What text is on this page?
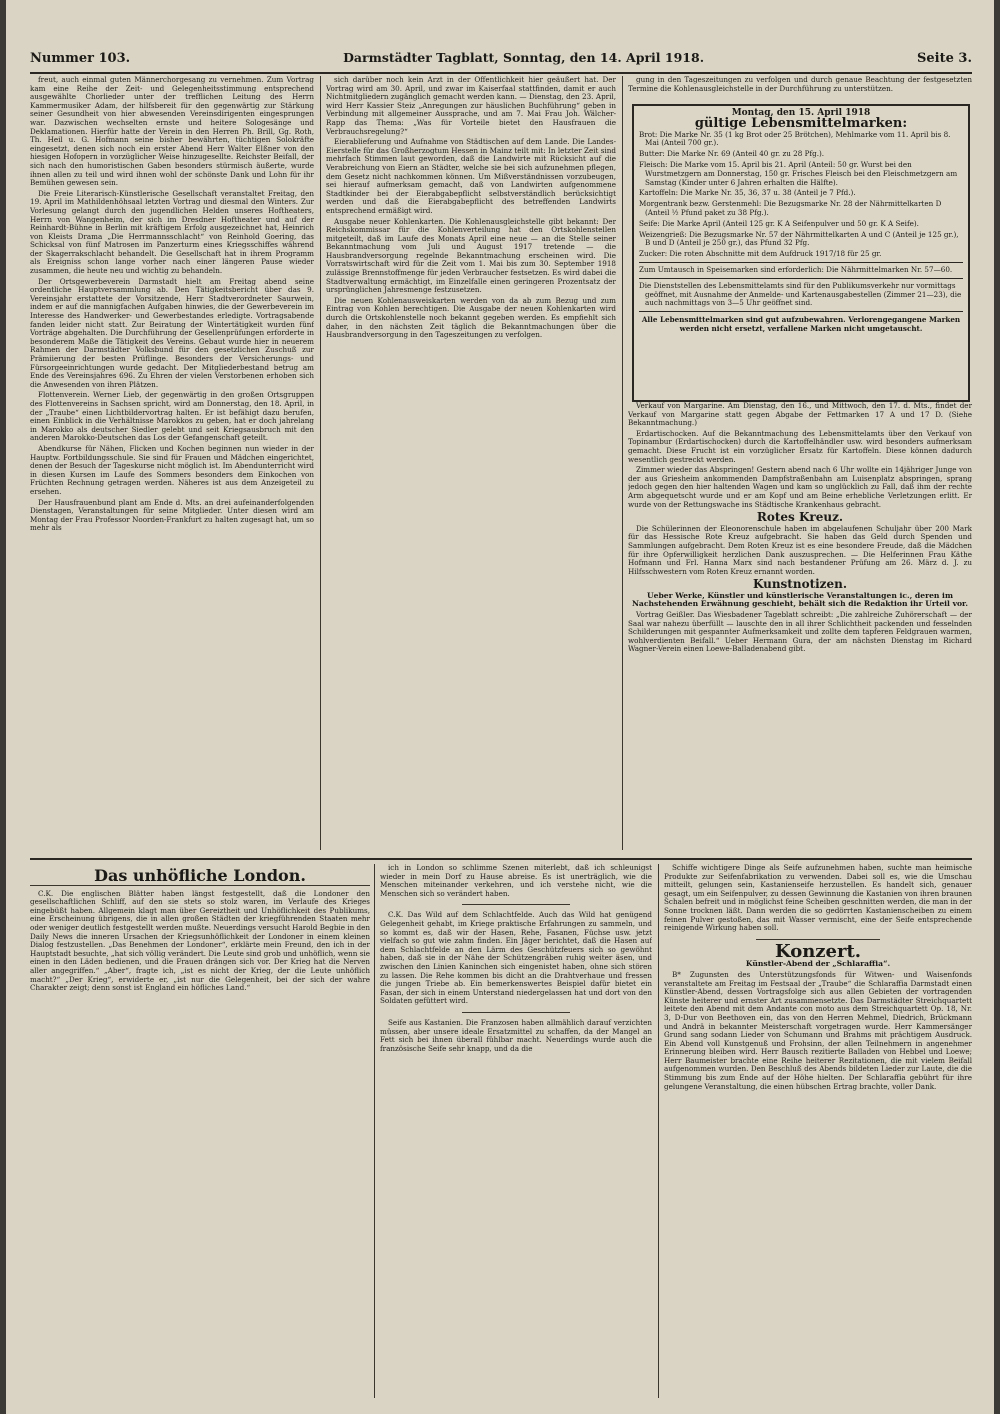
Nummer 103.	Darmstädter Tagblatt, Sonntag, den 14. April 1918.	Seite 3.

freut, auch einmal guten Männerchorgesang zu vernehmen. Zum Vortrag kam eine Reihe der Zeit- und Gelegenheitsstimmung entsprechend ausgewählte Chorlieder unter der trefflichen Leitung des Herrn Kammermusiker Adam, der hilfsbereit für den gegenwärtig zur Stärkung seiner Gesundheit von hier abwesenden Vereinsdirigenten eingesprungen war. Dazwischen wechselten ernste und heitere Sologesänge und Deklamationen. Hierfür hatte der Verein in den Herren Ph. Brill, Gg. Roth, Th. Heil u. G. Hofmann seine bisher bewährten, tüchtigen Solokräfte eingesetzt, denen sich noch ein erster Abend Herr Walter Elßner von den hiesigen Hofopern in vorzüglicher Weise hinzugesellte. Reichster Beifall, der sich nach den humoristischen Gaben besonders stürmisch äußerte, wurde ihnen allen zu teil und wird ihnen wohl der schönste Dank und Lohn für ihr Bemühen gewesen sein.

Die Freie Literarisch-Künstlerische Gesellschaft veranstaltet Freitag, den 19. April im Mathildenhöhsaal letzten Vortrag und diesmal den Winters. Zur Vorlesung gelangt durch den jugendlichen Helden unseres Hoftheaters, Herrn von Wangenheim, der sich im Dresdner Hoftheater und auf der Reinhardt-Bühne in Berlin mit kräftigem Erfolg ausgezeichnet hat, Heinrich von Kleists Drama „Die Herrmannsschlacht“ von Reinhold Goering, das Schicksal von fünf Matrosen im Panzerturm eines Kriegsschiffes während der Skagerrakschlacht behandelt. Die Gesellschaft hat in ihrem Programm als Ereigniss schon lange vorher nach einer längeren Pause wieder zusammen, die heute neu und wichtig zu behandeln.

Der Ortsgewerbeverein Darmstadt hielt am Freitag abend seine ordentliche Hauptversammlung ab. Den Tätigkeitsbericht über das 9. Vereinsjahr erstattete der Vorsitzende, Herr Stadtverordneter Saurwein, indem er auf die mannigfachen Aufgaben hinwies, die der Gewerbeverein im Interesse des Handwerker- und Gewerbestandes erledigte. Vortragsabende fanden leider nicht statt. Zur Beiratung der Wintertätigkeit wurden fünf Vorträge abgehalten. Die Durchführung der Gesellenprüfungen erforderte in besonderem Maße die Tätigkeit des Vereins. Gebaut wurde hier in neuerem Rahmen der Darmstädter Volksbund für den gesetzlichen Zuschuß zur Prämiierung der besten Prüflinge. Besonders der Versicherungs- und Fürsorgeeinrichtungen wurde gedacht. Der Mitgliederbestand betrug am Ende des Vereinsjahres 696. Zu Ehren der vielen Verstorbenen erhoben sich die Anwesenden von ihren Plätzen.

Flottenverein. Werner Lieb, der gegenwärtig in den großen Ortsgruppen des Flottenvereins in Sachsen spricht, wird am Donnerstag, den 18. April, in der „Traube“ einen Lichtbildervortrag halten. Er ist befähigt dazu berufen, einen Einblick in die Verhältnisse Marokkos zu geben, hat er doch jahrelang in Marokko als deutscher Siedler gelebt und seit Kriegsausbruch mit den anderen Marokko-Deutschen das Los der Gefangenschaft geteilt.

Abendkurse für Nähen, Flicken und Kochen beginnen nun wieder in der Hauptw. Fortbildungsschule. Sie sind für Frauen und Mädchen eingerichtet, denen der Besuch der Tageskurse nicht möglich ist. Im Abendunterricht wird in diesen Kursen im Laufe des Sommers besonders dem Einkochen von Früchten Rechnung getragen werden. Näheres ist aus dem Anzeigeteil zu ersehen.

Der Hausfrauenbund plant am Ende d. Mts. an drei aufeinanderfolgenden Dienstagen, Veranstaltungen für seine Mitglieder. Unter diesen wird am Montag der Frau Professor Noorden-Frankfurt zu halten zugesagt hat, um so mehr als

sich darüber noch kein Arzt in der Öffentlichkeit hier geäußert hat. Der Vortrag wird am 30. April, und zwar im Kaiserfaal stattfinden, damit er auch Nichtmitgliedern zugänglich gemacht werden kann. — Dienstag, den 23. April, wird Herr Kassier Steiz „Anregungen zur häuslichen Buchführung“ geben in Verbindung mit allgemeiner Aussprache, und am 7. Mai Frau Joh. Wälcher-Rapp das Thema: „Was für Vorteile bietet den Hausfrauen die Verbrauchsregelung?“

Eierablieferung und Aufnahme von Städtischen auf dem Lande. Die Landes-Eierstelle für das Großherzogtum Hessen in Mainz teilt mit: In letzter Zeit sind mehrfach Stimmen laut geworden, daß die Landwirte mit Rücksicht auf die Verabreichung von Eiern an Städter, welche sie bei sich aufzunehmen pflegen, dem Gesetz nicht nachkommen können. Um Mißverständnissen vorzubeugen, sei hierauf aufmerksam gemacht, daß von Landwirten aufgenommene Stadtkinder bei der Eierabgabepflicht selbstverständlich berücksichtigt werden und daß die Eierabgabepflicht des betreffenden Landwirts entsprechend ermäßigt wird.

Ausgabe neuer Kohlenkarten. Die Kohlenausgleichstelle gibt bekannt: Der Reichskommissar für die Kohlenverteilung hat den Ortskohlenstellen mitgeteilt, daß im Laufe des Monats April eine neue — an die Stelle seiner Bekanntmachung vom Juli und August 1917 tretende — die Hausbrandversorgung regelnde Bekanntmachung erscheinen wird. Die Vorratswirtschaft wird für die Zeit vom 1. Mai bis zum 30. September 1918 zulässige Brennstoffmenge für jeden Verbraucher festsetzen. Es wird dabei die Stadtverwaltung ermächtigt, im Einzelfalle einen geringeren Prozentsatz der ursprünglichen Jahresmenge festzusetzen.

Die neuen Kohlenausweiskarten werden von da ab zum Bezug und zum Eintrag von Kohlen berechtigen. Die Ausgabe der neuen Kohlenkarten wird durch die Ortskohlenstelle noch bekannt gegeben werden. Es empfiehlt sich daher, in den nächsten Zeit täglich die Bekanntmachungen über die Hausbrandversorgung in den Tageszeitungen zu verfolgen.

gung in den Tageszeitungen zu verfolgen und durch genaue Beachtung der festgesetzten Termine die Kohlenausgleichstelle in der Durchführung zu unterstützen.

Montag, den 15. April 1918
gültige Lebensmittelmarken:
Brot: Die Marke Nr. 35 (1 kg Brot oder 25 Brötchen), Mehlmarke vom 11. April bis 8. Mai (Anteil 700 gr.).
Butter: Die Marke Nr. 69 (Anteil 40 gr. zu 28 Pfg.).
Fleisch: Die Marke vom 15. April bis 21. April (Anteil: 50 gr. Wurst bei den Wurstmetzgern am Donnerstag, 150 gr. Frisches Fleisch bei den Fleischmetzgern am Samstag (Kinder unter 6 Jahren erhalten die Hälfte).
Kartoffeln: Die Marke Nr. 35, 36, 37 u. 38 (Anteil je 7 Pfd.).
Morgentrank bezw. Gerstenmehl: Die Bezugsmarke Nr. 28 der Nährmittelkarten D (Anteil ½ Pfund paket zu 38 Pfg.).
Seife: Die Marke April (Anteil 125 gr. K A Seifenpulver und 50 gr. K A Seife).
Weizengrieß: Die Bezugsmarke Nr. 57 der Nährmittelkarten A und C (Anteil je 125 gr.), B und D (Anteil je 250 gr.), das Pfund 32 Pfg.
Zucker: Die roten Abschnitte mit dem Aufdruck 1917/18 für 25 gr.
Zum Umtausch in Speisemarken sind erforderlich: Die Nährmittelmarken Nr. 57—60.
Die Dienststellen des Lebensmittelamts sind für den Publikumsverkehr nur vormittags geöffnet, mit Ausnahme der Anmelde- und Kartenausgabestellen (Zimmer 21—23), die auch nachmittags von 3—5 Uhr geöffnet sind.
Alle Lebensmittelmarken sind gut aufzubewahren. Verlorengegangene Marken werden nicht ersetzt, verfallene Marken nicht umgetauscht.

Verkauf von Margarine. Am Dienstag, den 16., und Mittwoch, den 17. d. Mts., findet der Verkauf von Margarine statt gegen Abgabe der Fettmarken 17 A und 17 D. (Siehe Bekanntmachung.)

Erdartischocken. Auf die Bekanntmachung des Lebensmittelamts über den Verkauf von Topinambur (Erdartischocken) durch die Kartoffelhändler usw. wird besonders aufmerksam gemacht. Diese Frucht ist ein vorzüglicher Ersatz für Kartoffeln. Diese können dadurch wesentlich gestreckt werden.

Zimmer wieder das Abspringen! Gestern abend nach 6 Uhr wollte ein 14jähriger Junge von der aus Griesheim ankommenden Dampfstraßenbahn am Luisenplatz abspringen, sprang jedoch gegen den hier haltenden Wagen und kam so unglücklich zu Fall, daß ihm der rechte Arm abgequetscht wurde und er am Kopf und am Beine erhebliche Verletzungen erlitt. Er wurde von der Rettungswache ins Städtische Krankenhaus gebracht.

Rotes Kreuz.

Die Schülerinnen der Eleonorenschule haben im abgelaufenen Schuljahr über 200 Mark für das Hessische Rote Kreuz aufgebracht. Sie haben das Geld durch Spenden und Sammlungen aufgebracht. Dem Roten Kreuz ist es eine besondere Freude, daß die Mädchen für ihre Opferwilligkeit herzlichen Dank auszusprechen. — Die Helferinnen Frau Käthe Hofmann und Frl. Hanna Marx sind nach bestandener Prüfung am 26. März d. J. zu Hilfsschwestern vom Roten Kreuz ernannt worden.

Kunstnotizen.
Ueber Werke, Künstler und künstlerische Veranstaltungen ic., deren im Nachstehenden Erwähnung geschieht, behält sich die Redaktion ihr Urteil vor.

Vortrag Geißler. Das Wiesbadener Tageblatt schreibt: „Die zahlreiche Zuhörerschaft — der Saal war nahezu überfüllt — lauschte den in all ihrer Schlichtheit packenden und fesselnden Schilderungen mit gespannter Aufmerksamkeit und zollte dem tapferen Feldgrauen warmen, wohlverdienten Beifall.“ Ueber Hermann Gura, der am nächsten Dienstag im Richard Wagner-Verein einen Loewe-Balladenabend gibt.

Das unhöfliche London.

C.K. Die englischen Blätter haben längst festgestellt, daß die Londoner den gesellschaftlichen Schliff, auf den sie stets so stolz waren, im Verlaufe des Krieges eingebüßt haben. Allgemein klagt man über Gereiztheit und Unhöflichkeit des Publikums, eine Erscheinung übrigens, die in allen großen Städten der kriegführenden Staaten mehr oder weniger deutlich festgestellt werden mußte. Neuerdings versucht Harold Begbie in den Daily News die inneren Ursachen der Kriegsunhöflichkeit der Londoner in einem kleinen Dialog festzustellen. „Das Benehmen der Londoner“, erklärte mein Freund, den ich in der Hauptstadt besuchte, „hat sich völlig verändert. Die Leute sind grob und unhöflich, wenn sie einen in den Läden bedienen, und die Frauen drängen sich vor. Der Krieg hat die Nerven aller angegriffen.“ „Aber“, fragte ich, „ist es nicht der Krieg, der die Leute unhöflich macht?“ „Der Krieg“, erwiderte er, „ist nur die Gelegenheit, bei der sich der wahre Charakter zeigt; denn sonst ist England ein höfliches Land.“

ich in London so schlimme Szenen miterlebt, daß ich schleunigst wieder in mein Dorf zu Hause abreise. Es ist unerträglich, wie die Menschen miteinander verkehren, und ich verstehe nicht, wie die Menschen sich so verändert haben.

C.K. Das Wild auf dem Schlachtfelde. Auch das Wild hat genügend Gelegenheit gehabt, im Kriege praktische Erfahrungen zu sammeln, und so kommt es, daß wir der Hasen, Rehe, Fasanen, Füchse usw. jetzt vielfach so gut wie zahm finden. Ein Jäger berichtet, daß die Hasen auf dem Schlachtfelde an den Lärm des Geschützfeuers sich so gewöhnt haben, daß sie in der Nähe der Schützengräben ruhig weiter äsen, und zwischen den Linien Kaninchen sich eingenistet haben, ohne sich stören zu lassen. Die Rehe kommen bis dicht an die Drahtverhaue und fressen die jungen Triebe ab. Ein bemerkenswertes Beispiel dafür bietet ein Fasan, der sich in einem Unterstand niedergelassen hat und dort von den Soldaten gefüttert wird.

Seife aus Kastanien. Die Franzosen haben allmählich darauf verzichten müssen, aber unsere ideale Ersatzmittel zu schaffen, da der Mangel an Fett sich bei ihnen überall fühlbar macht. Neuerdings wurde auch die französische Seife sehr knapp, und da die

Schiffe wichtigere Dinge als Seife aufzunehmen haben, suchte man heimische Produkte zur Seifenfabrikation zu verwenden. Dabei soll es, wie die Umschau mitteilt, gelungen sein, Kastanienseife herzustellen. Es handelt sich, genauer gesagt, um ein Seifenpulver, zu dessen Gewinnung die Kastanien von ihren braunen Schalen befreit und in möglichst feine Scheiben geschnitten werden, die man in der Sonne trocknen läßt. Dann werden die so gedörrten Kastanienscheiben zu einem feinen Pulver gestoßen, das mit Wasser vermischt, eine der Seife entsprechende reinigende Wirkung haben soll.

Konzert.
Künstler-Abend der „Schlaraffia“.

B* Zugunsten des Unterstützungsfonds für Witwen- und Waisenfonds veranstaltete am Freitag im Festsaal der „Traube“ die Schlaraffia Darmstadt einen Künstler-Abend, dessen Vortragsfolge sich aus allen Gebieten der vortragenden Künste heiterer und ernster Art zusammensetzte. Das Darmstädter Streichquartett leitete den Abend mit dem Andante con moto aus dem Streichquartett Op. 18, Nr. 3, D-Dur von Beethoven ein, das von den Herren Mehmel, Diedrich, Brückmann und Andrä in bekannter Meisterschaft vorgetragen wurde. Herr Kammersänger Grund sang sodann Lieder von Schumann und Brahms mit prächtigem Ausdruck. Ein Abend voll Kunstgenuß und Frohsinn, der allen Teilnehmern in angenehmer Erinnerung bleiben wird. Herr Bausch rezitierte Balladen von Hebbel und Loewe; Herr Baumeister brachte eine Reihe heiterer Rezitationen, die mit vielem Beifall aufgenommen wurden. Den Beschluß des Abends bildeten Lieder zur Laute, die die Stimmung bis zum Ende auf der Höhe hielten. Der Schlaraffia gebührt für ihre gelungene Veranstaltung, die einen hübschen Ertrag brachte, voller Dank.
